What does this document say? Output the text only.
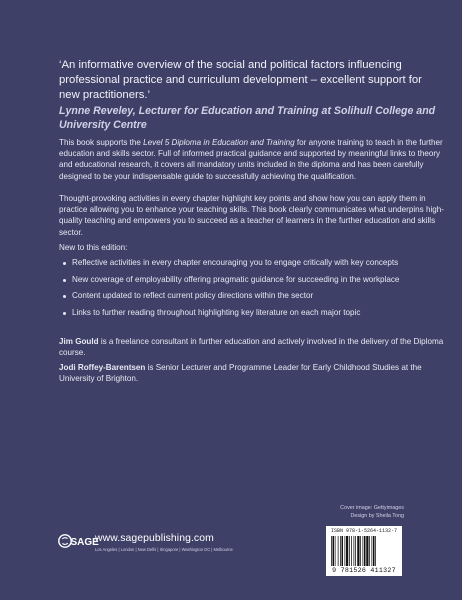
‘An informative overview of the social and political factors influencing professional practice and curriculum development – excellent support for new practitioners.’
Lynne Reveley, Lecturer for Education and Training at Solihull College and University Centre
This book supports the Level 5 Diploma in Education and Training for anyone training to teach in the further education and skills sector. Full of informed practical guidance and supported by meaningful links to theory and educational research, it covers all mandatory units included in the diploma and has been carefully designed to be your indispensable guide to successfully achieving the qualification.
Thought-provoking activities in every chapter highlight key points and show how you can apply them in practice allowing you to enhance your teaching skills. This book clearly communicates what underpins high-quality teaching and empowers you to succeed as a teacher of learners in the further education and skills sector.
New to this edition:
Reflective activities in every chapter encouraging you to engage critically with key concepts
New coverage of employability offering pragmatic guidance for succeeding in the workplace
Content updated to reflect current policy directions within the sector
Links to further reading throughout highlighting key literature on each major topic
Jim Gould is a freelance consultant in further education and actively involved in the delivery of the Diploma course.
Jodi Roffey-Barentsen is Senior Lecturer and Programme Leader for Early Childhood Studies at the University of Brighton.
Cover image: Gettyimages
Design by Sheila Tong
SAGE
www.sagepublishing.com
Los Angeles | London | New Delhi | Singapore | Washington DC | Melbourne
ISBN 978-1-5264-1132-7
9 781526 411327
